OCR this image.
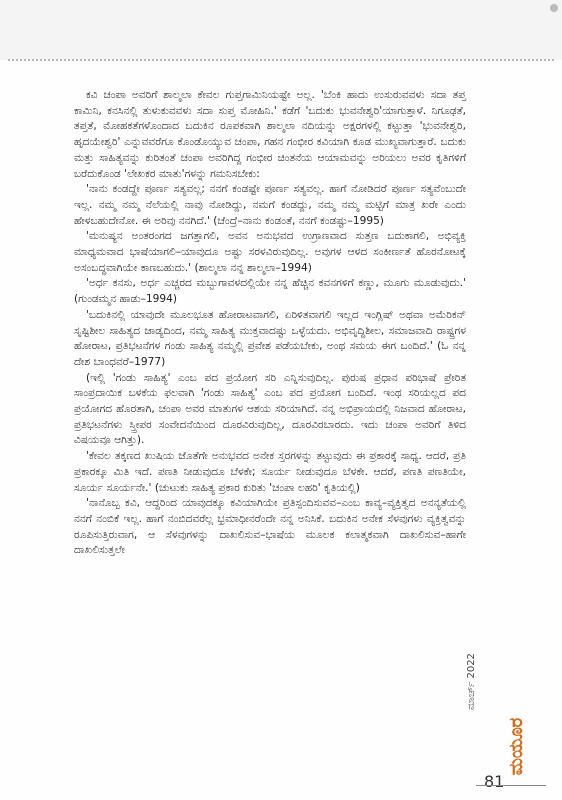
ಕವಿ ಚಂಪಾ ಅವರಿಗೆ ಶಾಲ್ಮಲಾ ಕೇವಲ ಗುಪ್ತಗಾಮಿನಿಯಷ್ಟೇ ಅಲ್ಲ. 'ಬೆಂಕಿ ಹಾದು ಉಸುರುವವಳು ಸದಾ ತಪ್ತ ಕಾಮಿನಿ, ಕನಸಿನಲ್ಲಿ ತುಳುಕುವವಳು ಸದಾ ಸುಪ್ತ ಮೋಹಿನಿ.' ಕಡೆಗೆ 'ಬದುಕು ಭುವನೇಶ್ವರಿ'ಯಾಗುತ್ತಾಳೆ. ನಿಗೂಢತೆ, ತಪ್ತತೆ, ಮೋಹಕತೆಗಳೊಂದಾದ ಬದುಕಿನ ರೂಪಕವಾಗಿ ಶಾಲ್ಮಲಾ ನದಿಯನ್ನು ಅಕ್ಷರಗಳಲ್ಲಿ ಕಟ್ಟುತ್ತಾ 'ಭುವನೇಶ್ವರಿ, ಹೃದಯೇಶ್ವರಿ' ಎನ್ನುವವರೆಗೂ ಕೊಂಡೊಯ್ಯುವ ಚಂಪಾ, ಗಹನ ಗಂಭೀರ ಕವಿಯಾಗಿ ಕೂಡ ಮುಖ್ಯವಾಗುತ್ತಾರೆ. ಬದುಕು ಮತ್ತು ಸಾಹಿತ್ಯವನ್ನು ಕುರಿತಂತೆ ಚಂಪಾ ಅವರಿಗಿದ್ದ ಗಂಭೀರ ಚಿಂತನೆಯ ಆಯಾಮವನ್ನು ಅರಿಯಲು ಅವರ ಕೃತಿಗಳಿಗೆ ಬರೆದುಕೊಂಡ 'ಲೇಖಕರ ಮಾತು'ಗಳನ್ನು ಗಮನಿಸಬೇಕು:

'ನಾನು ಕಂಡದ್ದೇ ಪೂರ್ಣ ಸತ್ಯವಲ್ಲ; ನನಗೆ ಕಂಡಷ್ಟೇ ಪೂರ್ಣ ಸತ್ಯವಲ್ಲ. ಹಾಗೆ ನೋಡಿದರೆ ಪೂರ್ಣ ಸತ್ಯವೆಂಬುದೇ ಇಲ್ಲ. ನಮ್ಮ ನಮ್ಮ ನೆಲೆಯಲ್ಲಿ ನಾವು ನೋಡಿದ್ದು, ನಮಗೆ ಕಂಡದ್ದು, ನಮ್ಮ ನಮ್ಮ ಮಟ್ಟಿಗೆ ಮಾತ್ರ ಖರೇ ಎಂದು ಹೇಳಬಹುದೇನೋ. ಈ ಅರಿವು ನನಗಿದೆ.' (ಚೆಂದ್ರೆ–ನಾನು ಕಂಡಂತೆ, ನನಗೆ ಕಂಡಷ್ಟು–1995)

'ಮನುಷ್ಯನ ಅಂತರಂಗದ ಜಗತ್ತಾಗಲಿ, ಅವನ ಅನುಭವದ ಉಗ್ರಾಣವಾದ ಸುತ್ತಣ ಬದುಕಾಗಲಿ, ಅಭಿವ್ಯಕ್ತಿ ಮಾಧ್ಯಮವಾದ ಭಾಷೆಯಾಗಲಿ–ಯಾವುದೂ ಅಷ್ಟು ಸರಳವಿರುವುದಿಲ್ಲ. ಅವುಗಳ ಆಳದ ಸಂಕೀರ್ಣತೆ ಹೊರನೋಟಕ್ಕೆ ಅಸಂಬದ್ಧವಾಗಿಯೇ ಕಾಣಬಹುದು.' (ಶಾಲ್ಮಲಾ ನನ್ನ ಶಾಲ್ಮಲಾ–1994)

'ಅರ್ಧ ಕನಸು, ಅರ್ಧ ಎಚ್ಚರದ ಮಬ್ಬುಗಾವಳದಲ್ಲಿಯೇ ನನ್ನ ಹೆಚ್ಚಿನ ಕವನಗಳಿಗೆ ಕಣ್ಣು, ಮೂಗು ಮೂಡುವುದು.' (ಗುಂಡಮ್ಮನ ಹಾಡು–1994)

'ಬದುಕಿನಲ್ಲಿ ಯಾವುದೇ ಮೂಲಭೂತ ಹೋರಾಟವಾಗಲಿ, ಏರಿಳಿತವಾಗಲಿ ಇಲ್ಲದ ಇಂಗ್ಲಿಷ್ ಅಥವಾ ಅಮೆರಿಕನ್ ಸೃಷ್ಟಿಶೀಲ ಸಾಹಿತ್ಯದ ಜಾಡ್ಯದಿಂದ, ನಮ್ಮ ಸಾಹಿತ್ಯ ಮುಕ್ತವಾದಷ್ಟು ಒಳ್ಳೆಯದು. ಅಭಿವೃದ್ಧಿಶೀಲ, ಸಮಾಜವಾದಿ ರಾಷ್ಟ್ರಗಳ ಹೋರಾಟ, ಪ್ರತಿಭಟನೆಗಳ ಗಂಡು ಸಾಹಿತ್ಯ ನಮ್ಮಲ್ಲಿ ಪ್ರವೇಶ ಪಡೆಯಬೇಕು, ಅಂಥ ಸಮಯ ಈಗ ಬಂದಿದೆ.' (ಓ ನನ್ನ ದೇಶ ಬಾಂಧವರೆ–1977)

(ಇಲ್ಲಿ 'ಗಂಡು ಸಾಹಿತ್ಯ' ಎಂಬ ಪದ ಪ್ರಯೋಗ ಸರಿ ಎನ್ನಿಸುವುದಿಲ್ಲ. ಪುರುಷ ಪ್ರಧಾನ ಪರಿಭಾಷೆ ಪ್ರೇರಿತ ಸಾಂಪ್ರದಾಯಿಕ ಬಳಕೆಯ ಫಲವಾಗಿ 'ಗಂಡು ಸಾಹಿತ್ಯ' ಎಂಬ ಪದ ಪ್ರಯೋಗ ಬಂದಿದೆ. ಇಂಥ ಸರಿಯಲ್ಲದ ಪದ ಪ್ರಯೋಗದ ಹೊರತಾಗಿ, ಚಂಪಾ ಅವರ ಮಾತುಗಳ ಆಶಯ ಸರಿಯಾಗಿದೆ. ನನ್ನ ಅಭಿಪ್ರಾಯದಲ್ಲಿ ನಿಜವಾದ ಹೋರಾಟ, ಪ್ರತಿಭಟನೆಗಳು ಸ್ತ್ರೀಪರ ಸಂವೇದನೆಯಿಂದ ದೂರವಿರುವುದಿಲ್ಲ, ದೂರವಿರಬಾರದು. ಇದು ಚಂಪಾ ಅವರಿಗೆ ತಿಳಿದ ವಿಷಯವೂ ಆಗಿತ್ತು).

'ಕೇವಲ ತಕ್ಕಣದ ಖುಷಿಯ ಜೊತೆಗೇ ಅನುಭವದ ಅನೇಕ ಸ್ತರಗಳನ್ನು ತಟ್ಟುವುದು ಈ ಪ್ರಕಾರಕ್ಕೆ ಸಾಧ್ಯ. ಆದರೆ, ಪ್ರತಿ ಪ್ರಕಾರಕ್ಕೂ ಮಿತಿ ಇದೆ. ಪಣತಿ ನೀಡುವುದೂ ಬೆಳಕೇ; ಸೂರ್ಯ ನೀಡುವುದೂ ಬೆಳಕೇ. ಆದರೆ, ಪಣತಿ ಪಣತಿಯೇ, ಸೂರ್ಯ ಸೂರ್ಯನೇ.' (ಚುಟುಕು ಸಾಹಿತ್ಯ ಪ್ರಕಾರ ಕುರಿತು 'ಚಂಪಾ ಲಹರಿ' ಕೃತಿಯಲ್ಲಿ)

'ನಾನೊಬ್ಬ ಕವಿ, ಆದ್ದರಿಂದ ಯಾವುದಕ್ಕೂ ಕವಿಯಾಗಿಯೇ ಪ್ರತಿಸ್ಪಂದಿಸುವವ–ಎಂಬ ಕಾವ್ಯ–ವ್ಯಕ್ತಿತ್ವದ ಅನನ್ಯತೆಯಲ್ಲಿ ನನಗೆ ನಂಬಿಕೆ ಇಲ್ಲ. ಹಾಗೆ ನಂಬಿದವರೆಲ್ಲ ಭ್ರಮಾಧೀನರೆಂದೇ ನನ್ನ ಅನಿಸಿಕೆ. ಬದುಕಿನ ಅನೇಕ ಸೆಳವುಗಳು ವ್ಯಕ್ತಿತ್ವವನ್ನು ರೂಪಿಸುತ್ತಿರುವಾಗ, ಆ ಸೆಳವುಗಳನ್ನು ದಾಖಲಿಸುವ–ಭಾಷೆಯ ಮೂಲಕ ಕಲಾತ್ಮಕವಾಗಿ ದಾಖಲಿಸುವ–ಹಾಗೇ ದಾಖಲಿಸುತ್ತಲೇ

ಮಾರ್ಚ್ 2022
ಮಯೂರ
81
